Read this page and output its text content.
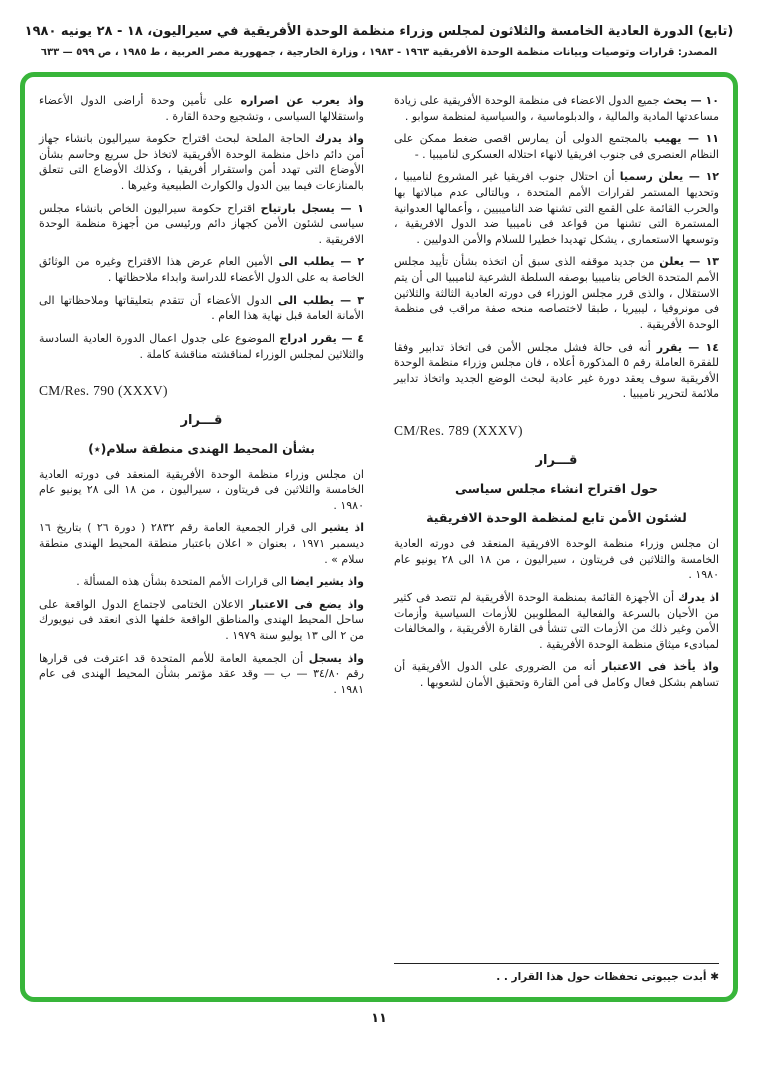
(تابع) الدورة العادية الخامسة والثلاثون لمجلس وزراء منظمة الوحدة الأفريقية في سيراليون، ١٨ - ٢٨ يونيه ١٩٨٠
المصدر: قرارات وتوصيات وبيانات منظمة الوحدة الأفريقية ١٩٦٣ - ١٩٨٣ ، وزارة الخارجية ، جمهورية مصر العربية ، ط ١٩٨٥ ، ص ٥٩٩ — ٦٣٣

١٠ — يحث جميع الدول الاعضاء فى منظمة الوحدة الأفريقية على زيادة مساعدتها المادية والمالية ، والدبلوماسية ، والسياسية لمنظمة سوابو .

١١ — يهيب بالمجتمع الدولى أن يمارس اقصى ضغط ممكن على النظام العنصرى فى جنوب افريقيا لانهاء احتلاله العسكرى لناميبيا . -

١٢ — يعلن رسميا أن احتلال جنوب افريقيا غير المشروع لناميبيا ، وتحديها المستمر لقرارات الأمم المتحدة ، وبالتالى عدم مبالاتها بها والحرب القائمة على القمع التى تشنها ضد الناميبيين ، وأعمالها العدوانية المستمرة التى تشنها من قواعد فى ناميبيا ضد الدول الافريقية ، وتوسعها الاستعمارى ، يشكل تهديدا خطيرا للسلام والأمن الدوليين .

١٣ — يعلن من جديد موقفه الذى سبق أن اتخذه بشأن تأييد مجلس الأمم المتحدة الخاص بناميبيا بوصفه السلطة الشرعية لناميبيا الى أن يتم الاستقلال ، والذى قرر مجلس الوزراء فى دورته العادية الثالثة والثلاثين فى مونروفيا ، ليبيريا ، طبقا لاختصاصه منحه صفة مراقب فى منظمة الوحدة الأفريقية .

١٤ — يقرر أنه فى حالة فشل مجلس الأمن فى اتخاذ تدابير وفقا للفقرة العاملة رقم ٥ المذكورة أعلاه ، فان مجلس وزراء منظمة الوحدة الأفريقية سوف يعقد دورة غير عادية لبحث الوضع الجديد واتخاذ تدابير ملائمة لتحرير ناميبيا .

CM/Res. 789 (XXXV)
قـــرار
حول اقتراح انشاء مجلس سياسى
لشئون الأمن تابع لمنظمة الوحدة الافريقية

ان مجلس وزراء منظمة الوحدة الافريقية المنعقد فى دورته العادية الخامسة والثلاثين فى فريتاون ، سيراليون ، من ١٨ الى ٢٨ يونيو عام ١٩٨٠ .

اذ يدرك أن الأجهزة القائمة بمنظمة الوحدة الأفريقية لم تتصد فى كثير من الأحيان بالسرعة والفعالية المطلوبين للأزمات السياسية وأزمات الأمن وغير ذلك من الأزمات التى تنشأ فى القارة الأفريقية ، والمخالفات لمبادىء ميثاق منظمة الوحدة الأفريقية .

واذ يأخذ فى الاعتبار أنه من الضرورى على الدول الأفريقية أن تساهم بشكل فعال وكامل فى أمن القارة وتحقيق الأمان لشعوبها .

✱ أبدت جيبوتى تحفظات حول هذا القرار . .

واذ يعرب عن اصراره على تأمين وحدة أراضى الدول الأعضاء واستقلالها السياسى ، وتشجيع وحدة القارة .

واذ يدرك الحاجة الملحة لبحث اقتراح حكومة سيراليون بانشاء جهاز أمن دائم داخل منظمة الوحدة الأفريقية لاتخاذ حل سريع وحاسم بشأن الأوضاع التى تهدد أمن واستقرار أفريقيا ، وكذلك الأوضاع التى تتعلق بالمنازعات فيما بين الدول والكوارث الطبيعية وغيرها .

١ — يسجل بارتياح اقتراح حكومة سيراليون الخاص بانشاء مجلس سياسى لشئون الأمن كجهاز دائم ورئيسى من أجهزة منظمة الوحدة الافريقية .

٢ — يطلب الى الأمين العام عرض هذا الاقتراح وغيره من الوثائق الخاصة به على الدول الأعضاء للدراسة وابداء ملاحظاتها .

٣ — يطلب الى الدول الأعضاء أن تتقدم بتعليقاتها وملاحظاتها الى الأمانة العامة قبل نهاية هذا العام .

٤ — يقرر ادراج الموضوع على جدول اعمال الدورة العادية السادسة والثلاثين لمجلس الوزراء لمناقشته مناقشة كاملة .

CM/Res. 790 (XXXV)
قـــرار
بشأن المحيط الهندى منطقة سلام(٭)

ان مجلس وزراء منظمة الوحدة الأفريقية المنعقد فى دورته العادية الخامسة والثلاثين فى فريتاون ، سيراليون ، من ١٨ الى ٢٨ يونيو عام ١٩٨٠ .

اذ يشير الى قرار الجمعية العامة رقم ٢٨٣٢ ( دورة ٢٦ ) بتاريخ ١٦ ديسمبر ١٩٧١ ، بعنوان « اعلان باعتبار منطقة المحيط الهندى منطقة سلام » .

واذ يشير ايضا الى قرارات الأمم المتحدة بشأن هذه المسألة .

واذ يضع فى الاعتبار الاعلان الختامى لاجتماع الدول الواقعة على ساحل المحيط الهندى والمناطق الواقعة خلفها الذى انعقد فى نيويورك من ٢ الى ١٣ يوليو سنة ١٩٧٩ .

واذ يسجل أن الجمعية العامة للأمم المتحدة قد اعترفت فى قرارها رقم ٣٤/٨٠ — ب — وقد عقد مؤتمر بشأن المحيط الهندى فى عام ١٩٨١ .

١١
